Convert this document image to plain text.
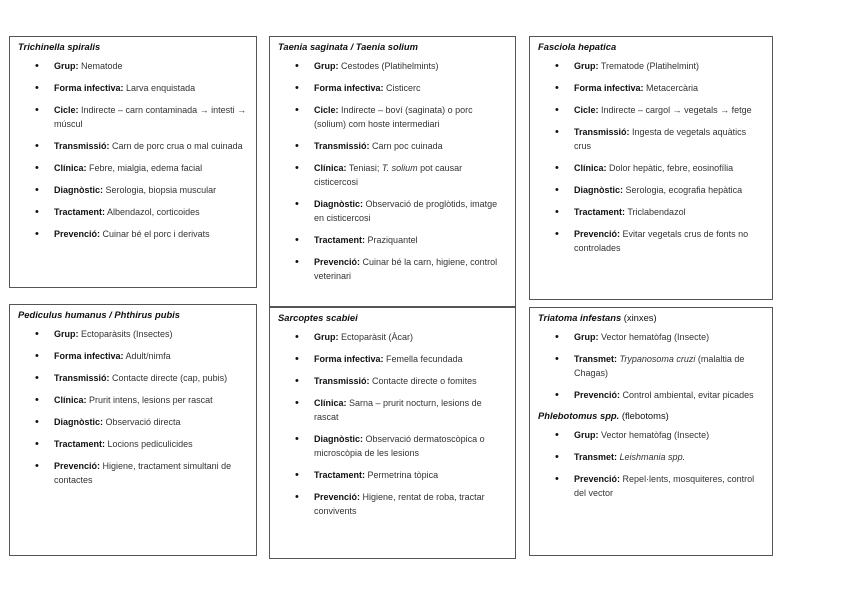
Trichinella spiralis
• Grup: Nematode
• Forma infectiva: Larva enquistada
• Cicle: Indirecte – carn contaminada → intesti → múscul
• Transmissió: Carn de porc crua o mal cuinada
• Clínica: Febre, mialgia, edema facial
• Diagnòstic: Serologia, biopsia muscular
• Tractament: Albendazol, corticoides
• Prevenció: Cuinar bé el porc i derivats
Taenia saginata / Taenia solium
• Grup: Cestodes (Platihelmints)
• Forma infectiva: Cisticerc
• Cicle: Indirecte – boví (saginata) o porc (solium) com hoste intermediari
• Transmissió: Carn poc cuinada
• Clínica: Teniasi; T. solium pot causar cisticercosi
• Diagnòstic: Observació de proglòtids, imatge en cisticercosi
• Tractament: Praziquantel
• Prevenció: Cuinar bé la carn, higiene, control veterinari
Fasciola hepatica
• Grup: Trematode (Platihelmint)
• Forma infectiva: Metacercària
• Cicle: Indirecte – cargol → vegetals → fetge
• Transmissió: Ingesta de vegetals aquàtics crus
• Clínica: Dolor hepàtic, febre, eosinofília
• Diagnòstic: Serologia, ecografia hepàtica
• Tractament: Triclabendazol
• Prevenció: Evitar vegetals crus de fonts no controlades
Pediculus humanus / Phthirus pubis
• Grup: Ectoparàsits (Insectes)
• Forma infectiva: Adult/nimfa
• Transmissió: Contacte directe (cap, pubis)
• Clínica: Prurit intens, lesions per rascat
• Diagnòstic: Observació directa
• Tractament: Locions pediculicides
• Prevenció: Higiene, tractament simultani de contactes
Sarcoptes scabiei
• Grup: Ectoparàsit (Àcar)
• Forma infectiva: Femella fecundada
• Transmissió: Contacte directe o fomites
• Clínica: Sarna – prurit nocturn, lesions de rascat
• Diagnòstic: Observació dermatoscòpica o microscòpia de les lesions
• Tractament: Permetrina tòpica
• Prevenció: Higiene, rentat de roba, tractar convivents
Triatoma infestans (xinxes)
• Grup: Vector hematòfag (Insecte)
• Transmet: Trypanosoma cruzi (malaltia de Chagas)
• Prevenció: Control ambiental, evitar picades
Phlebotomus spp. (flebotoms)
• Grup: Vector hematòfag (Insecte)
• Transmet: Leishmania spp.
• Prevenció: Repel·lents, mosquiteres, control del vector
